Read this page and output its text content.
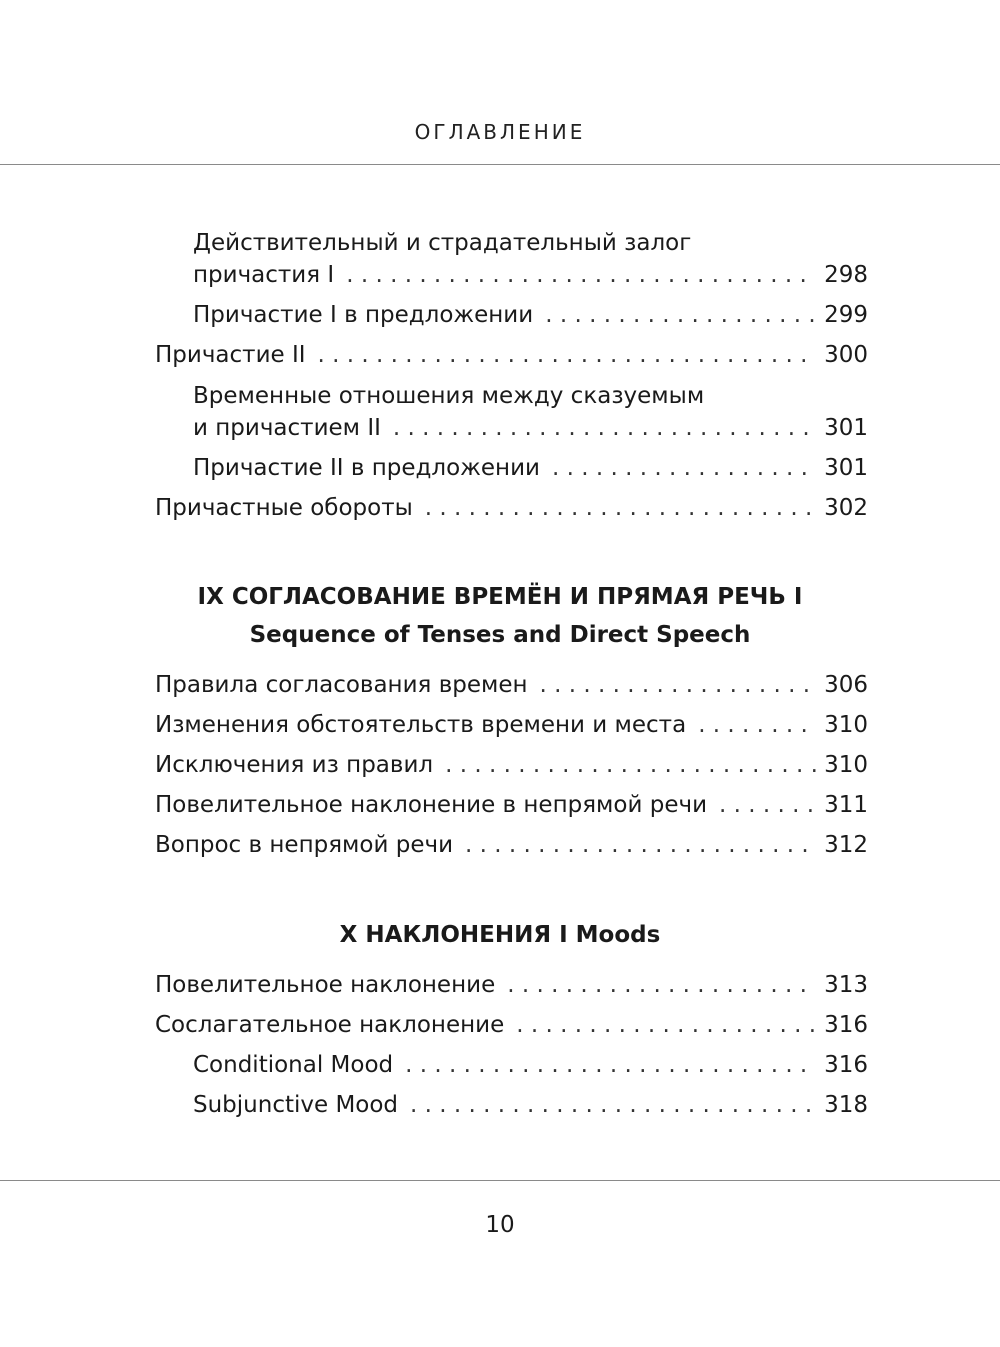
ОГЛАВЛЕНИЕ
Действительный и страдательный залог
причастия I . . .	298
Причастие I в предложении . . .	299
Причастие II . . .	300
Временные отношения между сказуемым
и причастием II . . .	301
Причастие II в предложении . . .	301
Причастные обороты . . .	302
IX СОГЛАСОВАНИЕ ВРЕМЁН И ПРЯМАЯ РЕЧЬ I
Sequence of Tenses and Direct Speech
Правила согласования времен . . .	306
Изменения обстоятельств времени и места . . .	310
Исключения из правил . . .	310
Повелительное наклонение в непрямой речи . . .	311
Вопрос в непрямой речи . . .	312
X НАКЛОНЕНИЯ I Moods
Повелительное наклонение . . .	313
Сослагательное наклонение . . .	316
Conditional Mood . . .	316
Subjunctive Mood . . .	318
10
